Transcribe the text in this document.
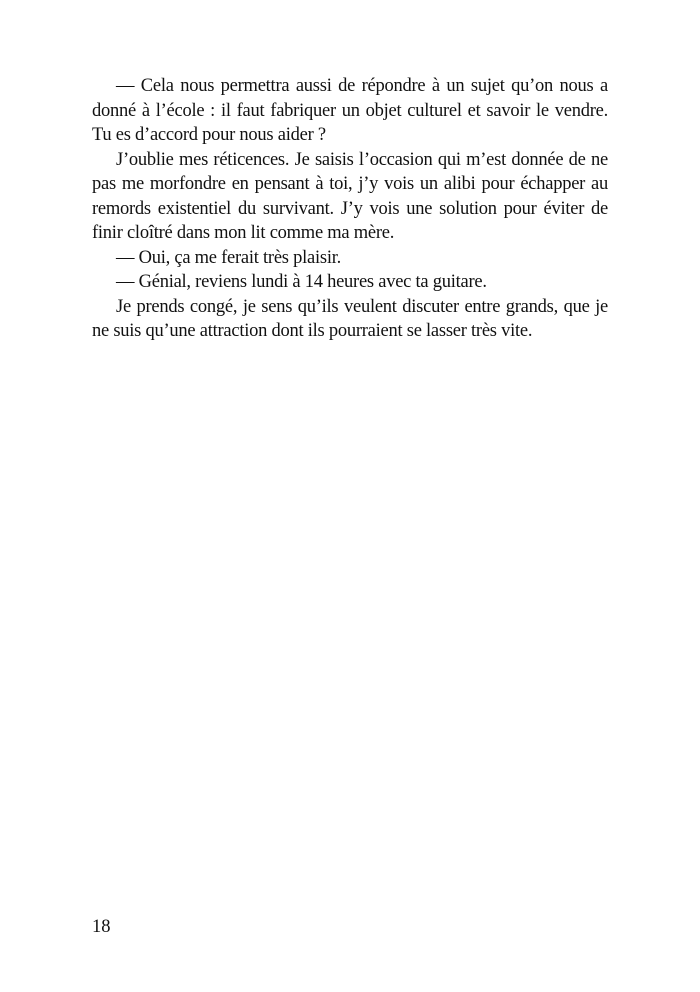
— Cela nous permettra aussi de répondre à un sujet qu’on nous a donné à l’école : il faut fabriquer un objet culturel et savoir le vendre. Tu es d’accord pour nous aider ?

J’oublie mes réticences. Je saisis l’occasion qui m’est donnée de ne pas me morfondre en pensant à toi, j’y vois un alibi pour échapper au remords existentiel du survivant. J’y vois une solution pour éviter de finir cloîtré dans mon lit comme ma mère.

— Oui, ça me ferait très plaisir.

— Génial, reviens lundi à 14 heures avec ta guitare.

Je prends congé, je sens qu’ils veulent discuter entre grands, que je ne suis qu’une attraction dont ils pourraient se lasser très vite.

18
